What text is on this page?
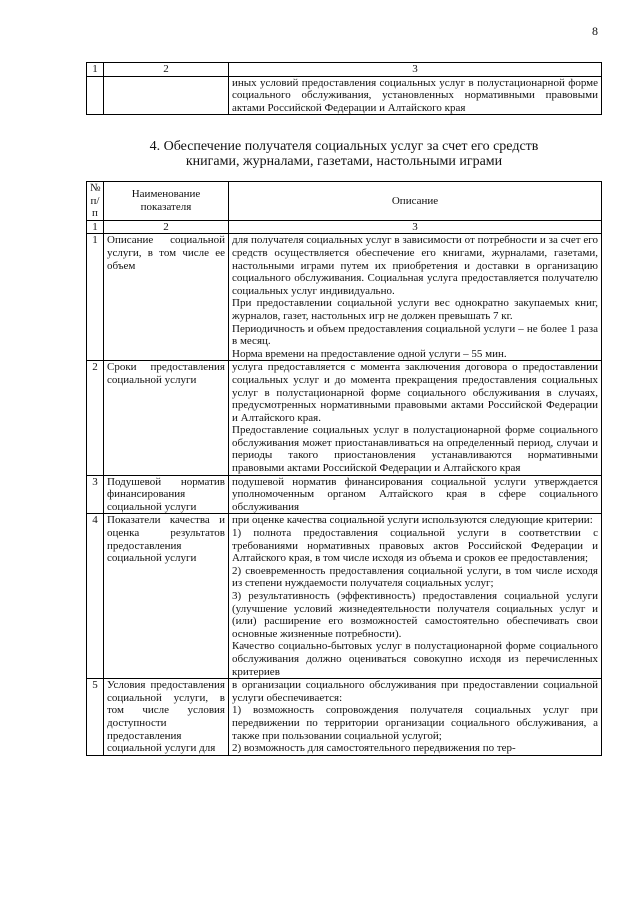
8
1	2	3
		иных условий предоставления социальных услуг в полустационарной форме социального обслуживания, установленных нормативными правовыми актами Российской Федерации и Алтайского края
4. Обеспечение получателя социальных услуг за счет его средств
книгами, журналами, газетами, настольными играми
№ п/п	Наименование показателя	Описание
1	2	3
1	Описание социальной услуги, в том числе ее объем	для получателя социальных услуг в зависимости от потребности и за счет его средств осуществляется обеспечение его книгами, журналами, газетами, настольными играми путем их приобретения и доставки в организацию социального обслуживания. Социальная услуга предоставляется получателю социальных услуг индивидуально.

При предоставлении социальной услуги вес однократно закупаемых книг, журналов, газет, настольных игр не должен превышать 7 кг.

Периодичность и объем предоставления социальной услуги – не более 1 раза в месяц.

Норма времени на предоставление одной услуги – 55 мин.

2	Сроки предоставления социальной услуги	услуга предоставляется с момента заключения договора о предоставлении социальных услуг и до момента прекращения предоставления социальных услуг в полустационарной форме социального обслуживания в случаях, предусмотренных нормативными правовыми актами Российской Федерации и Алтайского края.

Предоставление социальных услуг в полустационарной форме социального обслуживания может приостанавливаться на определенный период, случаи и периоды такого приостановления устанавливаются нормативными правовыми актами Российской Федерации и Алтайского края

3	Подушевой норматив финансирования социальной услуги	подушевой норматив финансирования социальной услуги утверждается уполномоченным органом Алтайского края в сфере социального обслуживания

4	Показатели качества и оценка результатов предоставления социальной услуги	при оценке качества социальной услуги используются следующие критерии:

1) полнота предоставления социальной услуги в соответствии с требованиями нормативных правовых актов Российской Федерации и Алтайского края, в том числе исходя из объема и сроков ее предоставления;

2) своевременность предоставления социальной услуги, в том числе исходя из степени нуждаемости получателя социальных услуг;

3) результативность (эффективность) предоставления социальной услуги (улучшение условий жизнедеятельности получателя социальных услуг и (или) расширение его возможностей самостоятельно обеспечивать свои основные жизненные потребности).

Качество социально-бытовых услуг в полустационарной форме социального обслуживания должно оцениваться совокупно исходя из перечисленных критериев

5	Условия предоставления социальной услуги, в том числе условия доступности предоставления социальной услуги для	в организации социального обслуживания при предоставлении социальной услуги обеспечивается:

1) возможность сопровождения получателя социальных услуг при передвижении по территории организации социального обслуживания, а также при пользовании социальной услугой;

2) возможность для самостоятельного передвижения по тер-
